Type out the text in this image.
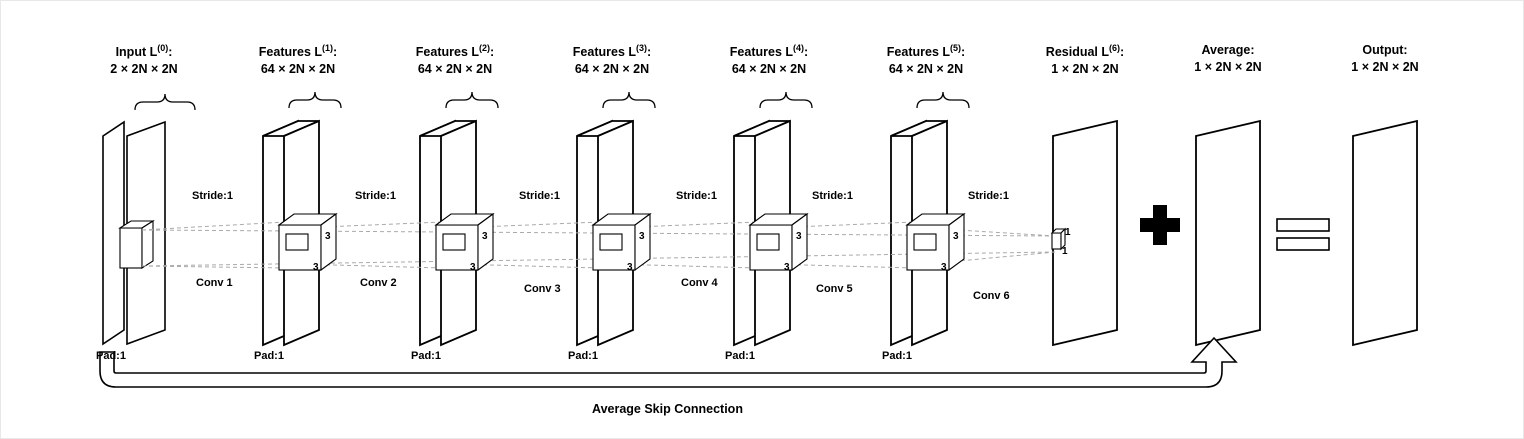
Input $L^{(0)}$:
2 × 2N × 2N
Features $L^{(1)}$:
64 × 2N × 2N
Features $L^{(2)}$:
64 × 2N × 2N
Features $L^{(3)}$:
64 × 2N × 2N
Features $L^{(4)}$:
64 × 2N × 2N
Features $L^{(5)}$:
64 × 2N × 2N
Residual $L^{(6)}$:
1 × 2N × 2N
Average:
1 × 2N × 2N
Output:
1 × 2N × 2N
Stride:1	Stride:1	Stride:1	Stride:1	Stride:1	Stride:1
Conv 1	Conv 2	Conv 3	Conv 4	Conv 5
Conv 6
3
3
3
3
3
3
3
3
3
3
1
1
Pad:1	Pad:1	Pad:1	Pad:1	Pad:1	Pad:1
Average Skip Connection
